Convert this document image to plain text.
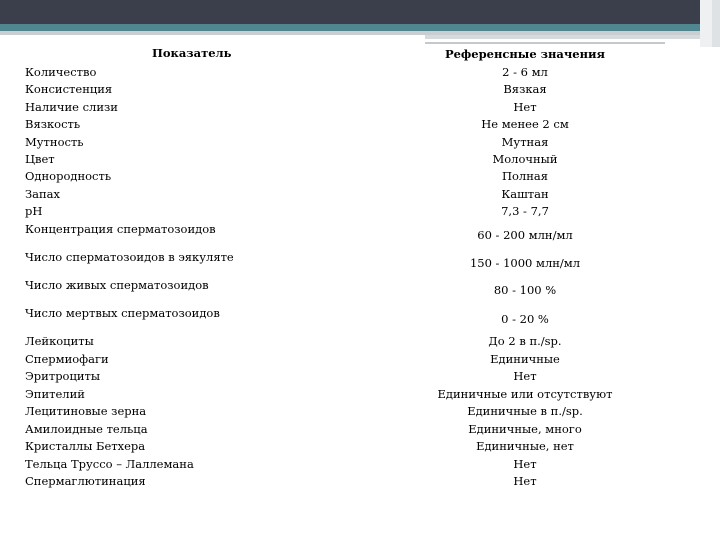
Показатель	Референсные значения
Количество	2 - 6 мл
Консистенция	Вязкая
Наличие слизи	Нет
Вязкость	Не менее 2 см
Мутность	Мутная
Цвет	Молочный
Однородность	Полная
Запах	Каштан
pH	7,3 - 7,7
Концентрация сперматозоидов	60 - 200 млн/мл
Число сперматозоидов в эякуляте	150 - 1000 млн/мл
Число живых сперматозоидов	80 - 100 %
Число мертвых сперматозоидов	0 - 20 %
Лейкоциты	До 2 в п./sp.
Спермиофаги	Единичные
Эритроциты	Нет
Эпителий	Единичные или отсутствуют
Лецитиновые зерна	Единичные в п./sp.
Амилоидные тельца	Единичные, много
Кристаллы Бетхера	Единичные, нет
Тельца Труссо – Лаллемана	Нет
Спермаглютинация	Нет
